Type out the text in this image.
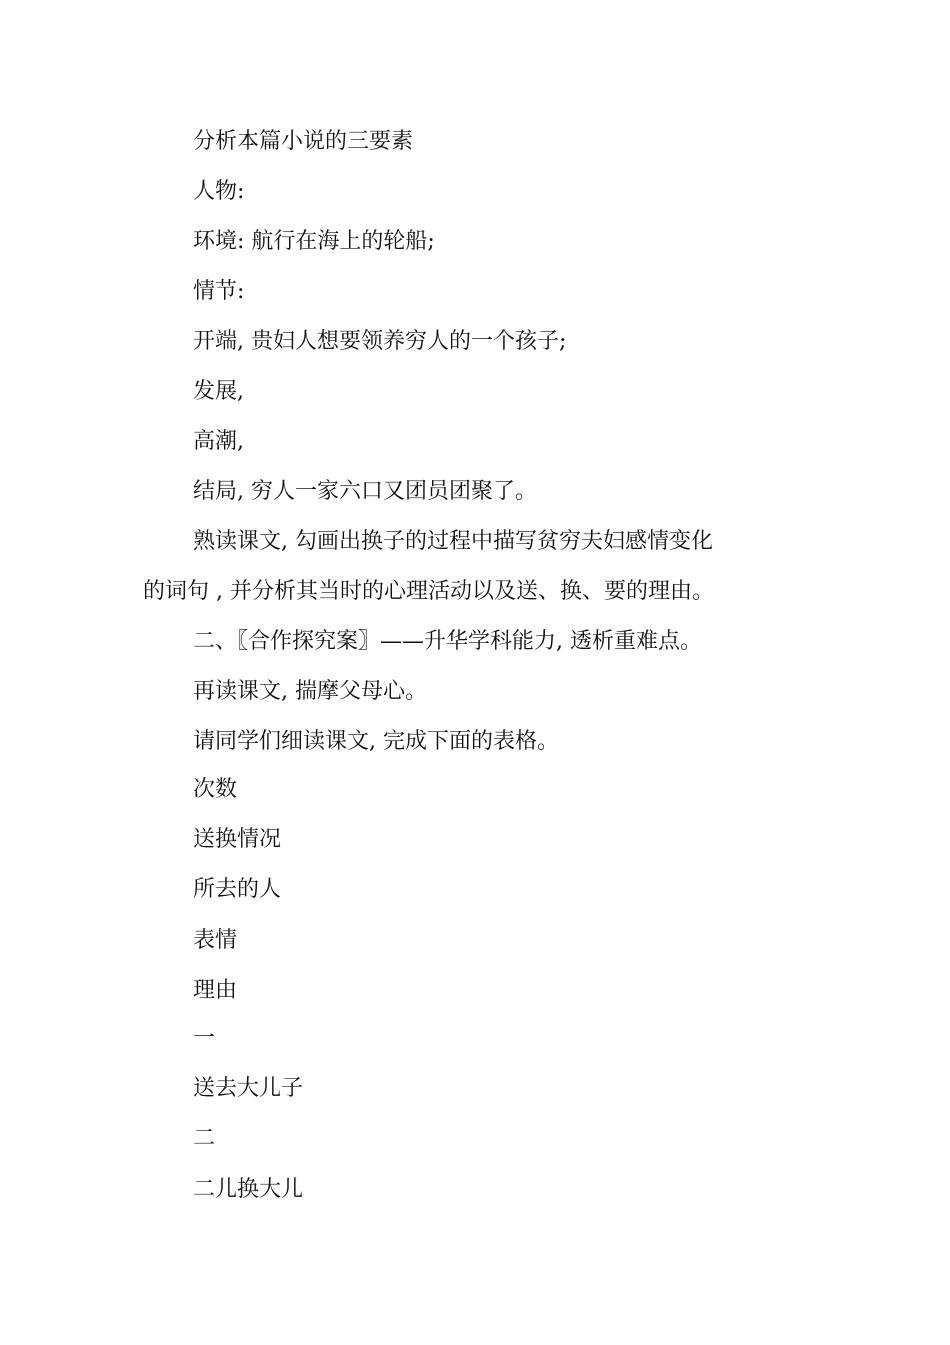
分析本篇小说的三要素
人物:
环境: 航行在海上的轮船;
情节:
开端, 贵妇人想要领养穷人的一个孩子;
发展,
高潮,
结局, 穷人一家六口又团员团聚了。
熟读课文, 勾画出换子的过程中描写贫穷夫妇感情变化
的词句 , 并分析其当时的心理活动以及送、换、要的理由。
二、〖合作探究案〗——升华学科能力, 透析重难点。
再读课文, 揣摩父母心。
请同学们细读课文, 完成下面的表格。
次数
送换情况
所去的人
表情
理由
一
送去大儿子
二
二儿换大儿
